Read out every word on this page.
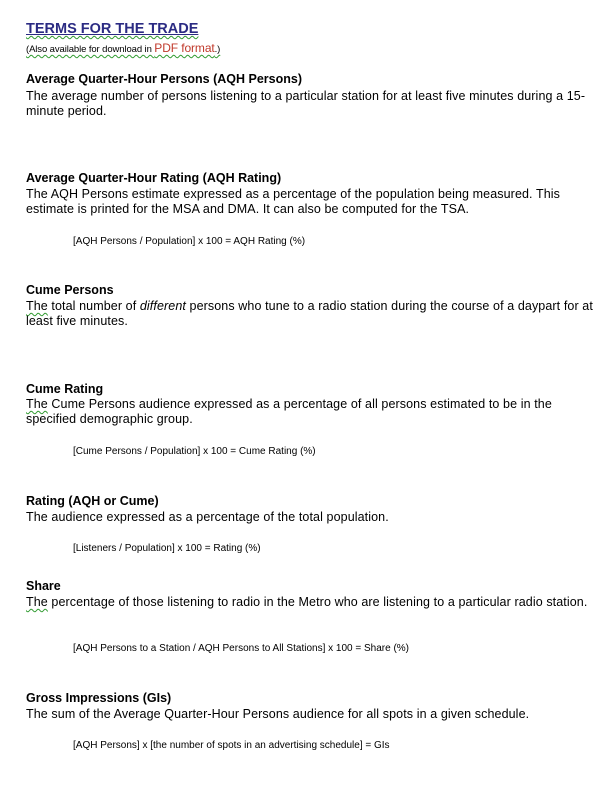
TERMS FOR THE TRADE
(Also available for download in PDF format.)
Average Quarter-Hour Persons (AQH Persons)
The average number of persons listening to a particular station for at least five minutes during a 15-minute period.
Average Quarter-Hour Rating (AQH Rating)
The AQH Persons estimate expressed as a percentage of the population being measured. This estimate is printed for the MSA and DMA. It can also be computed for the TSA.
[AQH Persons / Population] x 100 = AQH Rating (%)
Cume Persons
The total number of different persons who tune to a radio station during the course of a daypart for at least five minutes.
Cume Rating
The Cume Persons audience expressed as a percentage of all persons estimated to be in the specified demographic group.
[Cume Persons / Population] x 100 = Cume Rating (%)
Rating (AQH or Cume)
The audience expressed as a percentage of the total population.
[Listeners / Population] x 100 = Rating (%)
Share
The percentage of those listening to radio in the Metro who are listening to a particular radio station.
[AQH Persons to a Station / AQH Persons to All Stations] x 100 = Share (%)
Gross Impressions (GIs)
The sum of the Average Quarter-Hour Persons audience for all spots in a given schedule.
[AQH Persons] x [the number of spots in an advertising schedule] = GIs
